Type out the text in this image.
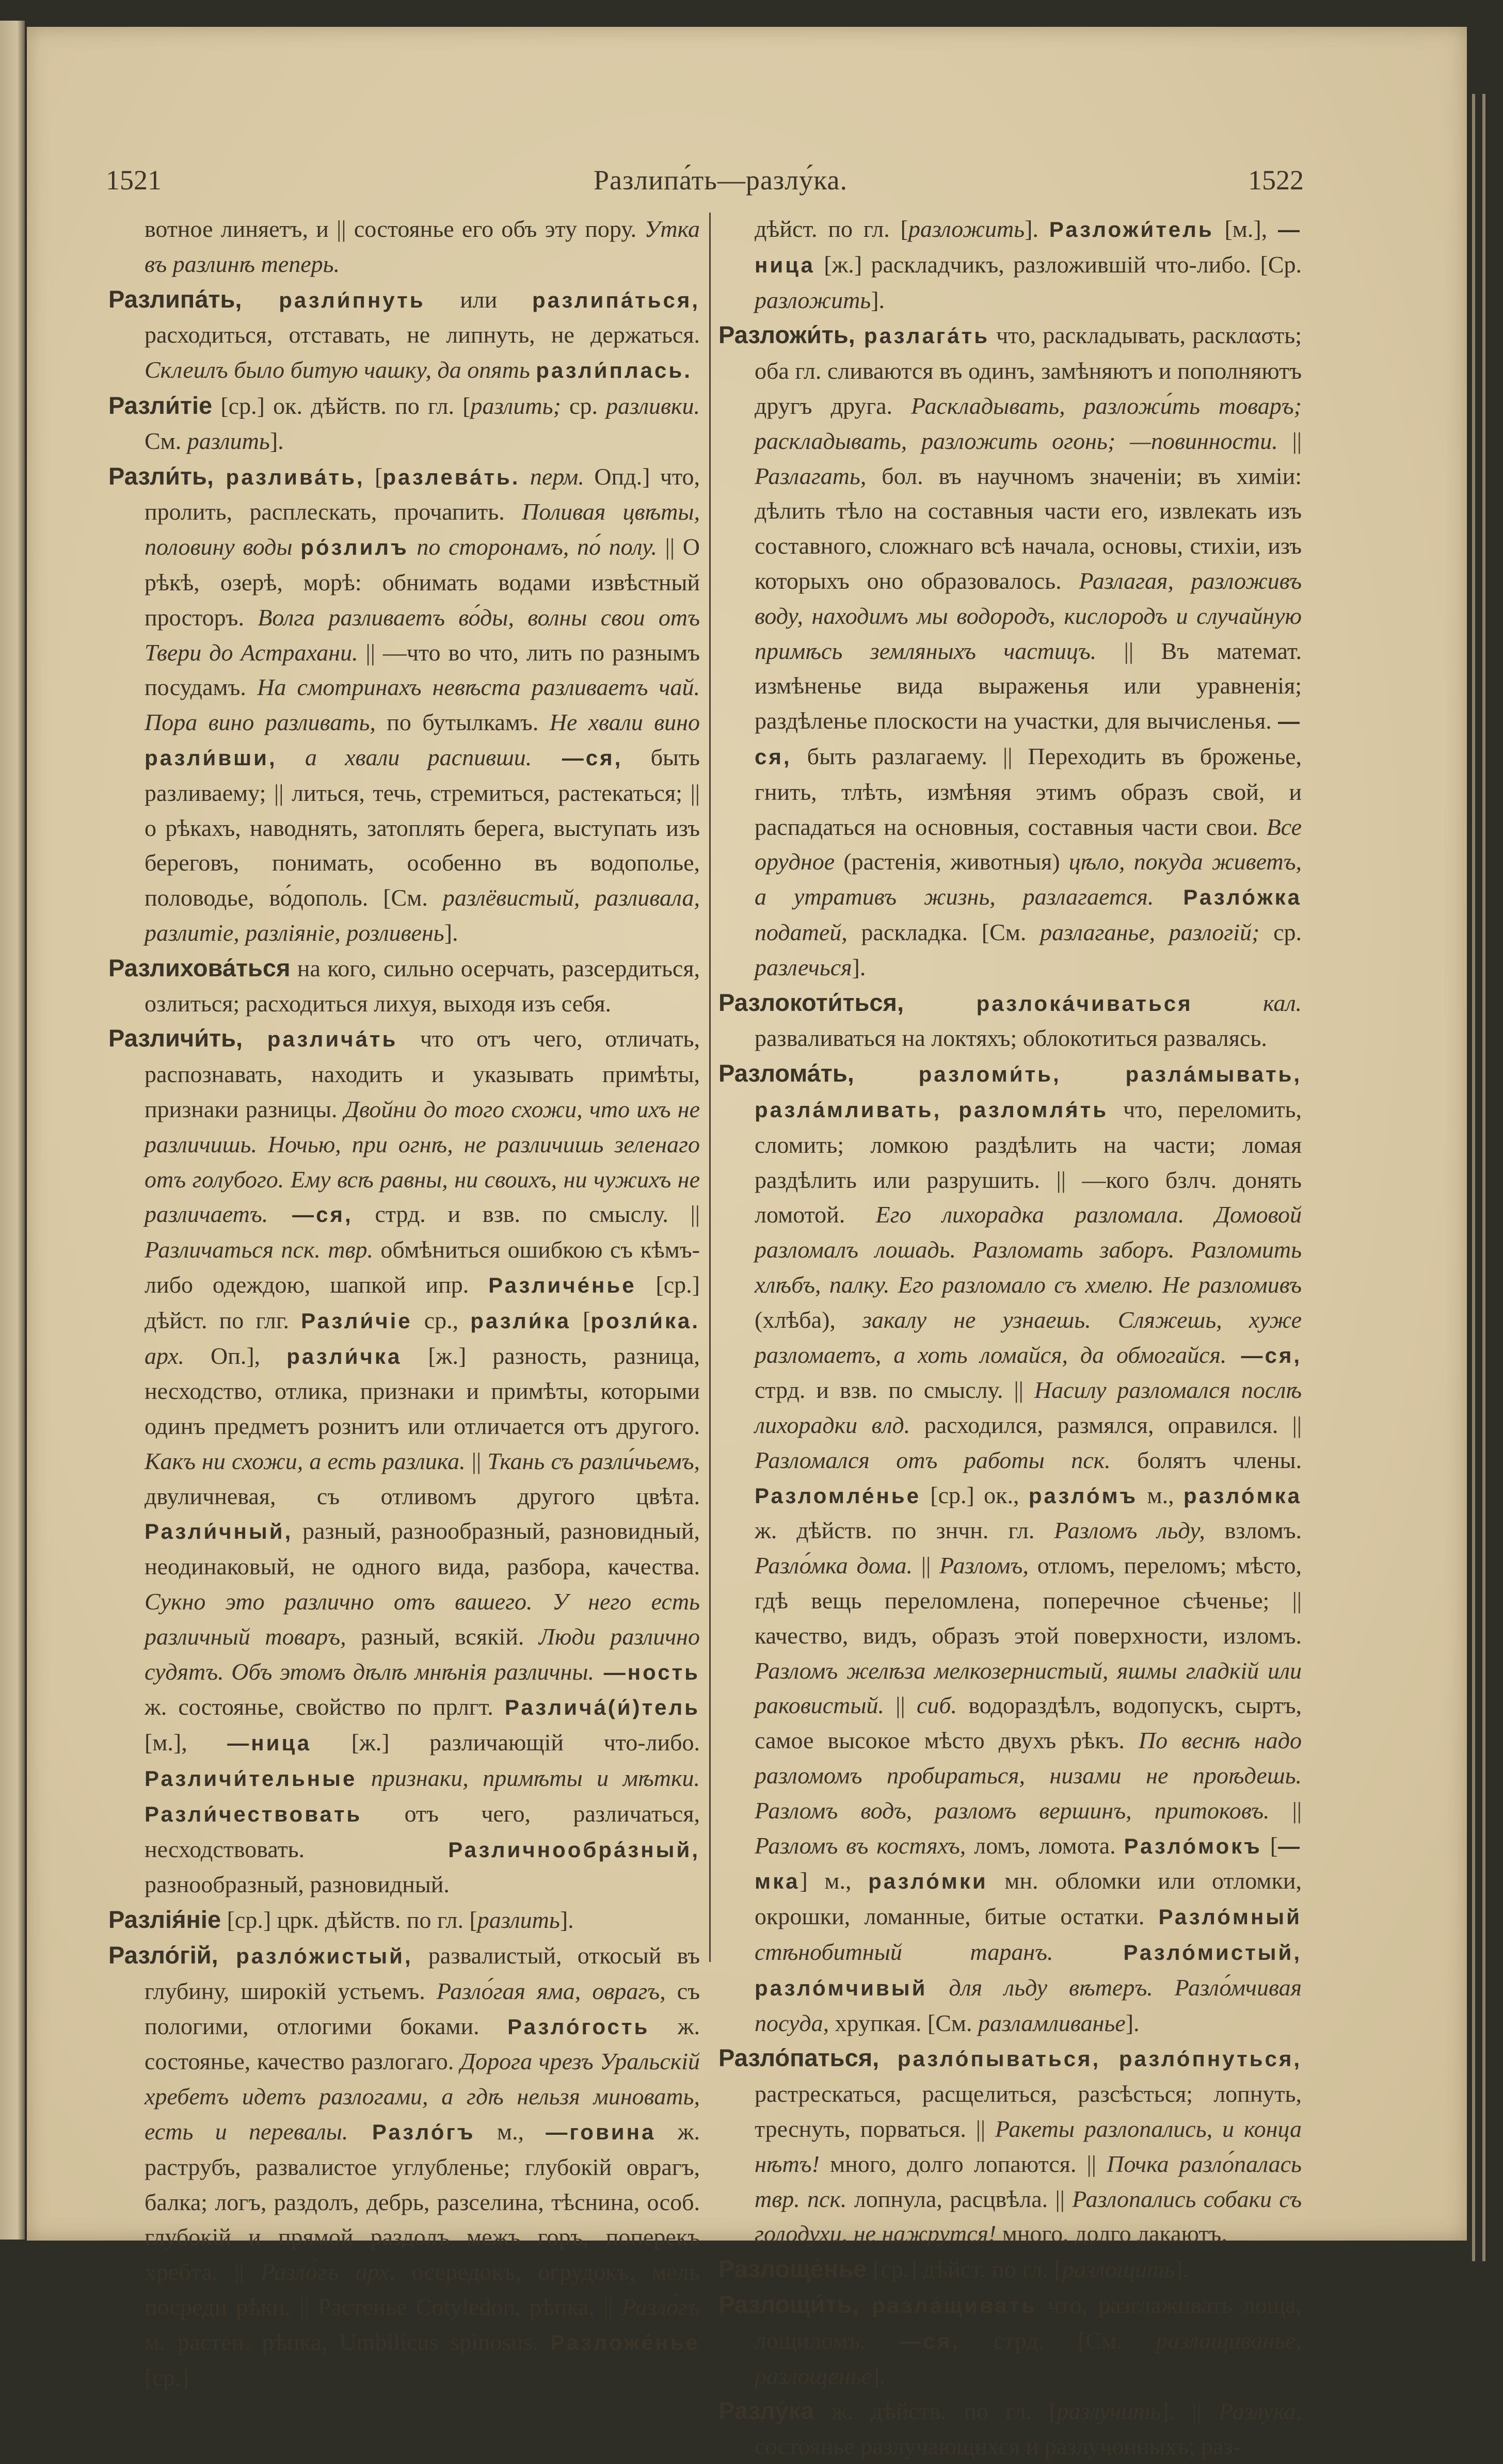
1521	Разлипа́ть—разлу́ка.	1522

вотное линяетъ, и || состоянье его объ эту пору. Утка въ разлинѣ теперь.

Разлипа́ть, разли́пнуть или разлипа́ться, расходиться, отставать, не липнуть, не держаться. Склеилъ было битую чашку, да опять разли́плась.

Разли́тіе [ср.] ок. дѣйств. по гл. [разлить; ср. разливки. См. разлить].

Разли́ть, разлива́ть, [разлева́ть. перм. Опд.] что, пролить, расплескать, прочапить. Поливая цвѣты, половину воды ро́злилъ по сторонамъ, по́ полу. || О рѣкѣ, озерѣ, морѣ: обнимать водами извѣстный просторъ. Волга разливаетъ во́ды, волны свои отъ Твери до Астрахани. || —что во что, лить по разнымъ посудамъ. На смотринахъ невѣста разливаетъ чай. Пора вино разливать, по бутылкамъ. Не хвали вино разли́вши, а хвали распивши. —ся, быть разливаему; || литься, течь, стремиться, растекаться; || о рѣкахъ, наводнять, затоплять берега, выступать изъ береговъ, понимать, особенно въ водополье, половодье, во́дополь. [См. разлёвистый, разливала, разлитіе, разліяніе, розливень].

Разлихова́ться на кого, сильно осерчать, разсердиться, озлиться; расходиться лихуя, выходя изъ себя.

Различи́ть, различа́ть что отъ чего, отличать, распознавать, находить и указывать примѣты, признаки разницы. Двойни до того схожи, что ихъ не различишь. Ночью, при огнѣ, не различишь зеленаго отъ голубого. Ему всѣ равны, ни своихъ, ни чужихъ не различаетъ. —ся, стрд. и взв. по смыслу. || Различаться пск. твр. обмѣниться ошибкою съ кѣмъ-либо одеждою, шапкой ипр. Различе́нье [ср.] дѣйст. по глг. Разли́чіе ср., разли́ка [розли́ка. арх. Оп.], разли́чка [ж.] разность, разница, несходство, отлика, признаки и примѣты, которыми одинъ предметъ рознитъ или отличается отъ другого. Какъ ни схожи, а есть разлика. || Ткань съ разли́чьемъ, двуличневая, съ отливомъ другого цвѣта. Разли́чный, разный, разнообразный, разновидный, неодинаковый, не одного вида, разбора, качества. Сукно это различно отъ вашего. У него есть различный товаръ, разный, всякій. Люди различно судятъ. Объ этомъ дѣлѣ мнѣнія различны. —ность ж. состоянье, свойство по прлгт. Различа́(и́)тель [м.], —ница [ж.] различающій что-либо. Различи́тельные признаки, примѣты и мѣтки. Разли́чествовать отъ чего, различаться, несходствовать. Различнообра́зный, разнообразный, разновидный.

Разлія́ніе [ср.] црк. дѣйств. по гл. [разлить].

Разло́гій, разло́жистый, развалистый, откосый въ глубину, широкій устьемъ. Разло́гая яма, оврагъ, съ пологими, отлогими боками. Разло́гость ж. состоянье, качество разлогаго. Дорога чрезъ Уральскій хребетъ идетъ разлогами, а гдѣ нельзя миновать, есть и перевалы. Разло́гъ м., —говина ж. раструбъ, развалистое углубленье; глубокій оврагъ, балка; логъ, раздолъ, дебрь, разселина, тѣснина, особ. глубокій и прямой раздолъ межъ горъ, поперекъ хребта. || Разло́гъ арх. осередокъ, огрудокъ, мель посреди рѣки. || Растенье Cotyledon, рѣпка. || Разло́гъ м. растен. рѣпка, Umbilicus spinosus. Разложе́нье [ср.]

дѣйст. по гл. [разложить]. Разложи́тель [м.], —ница [ж.] раскладчикъ, разложившій что-либо. [Ср. разложить].

Разложи́ть, разлага́ть что, раскладывать, расклασть; оба гл. сливаются въ одинъ, замѣняютъ и пополняютъ другъ друга. Раскладывать, разложи́ть товаръ; раскладывать, разложить огонь; —повинности. || Разлагать, бол. въ научномъ значеніи; въ химіи: дѣлить тѣло на составныя части его, извлекать изъ составного, сложнаго всѣ начала, основы, стихіи, изъ которыхъ оно образовалось. Разлагая, разложивъ воду, находимъ мы водородъ, кислородъ и случайную примѣсь земляныхъ частицъ. || Въ математ. измѣненье вида выраженья или уравненія; раздѣленье плоскости на участки, для вычисленья. —ся, быть разлагаему. || Переходить въ броженье, гнить, тлѣть, измѣняя этимъ образъ свой, и распадаться на основныя, составныя части свои. Все орудное (растенія, животныя) цѣло, покуда живетъ, а утративъ жизнь, разлагается. Разло́жка податей, раскладка. [См. разлаганье, разлогій; ср. разлечься].

Разлокоти́ться, разлока́чиваться кал. разваливаться на локтяхъ; облокотиться развалясь.

Разлома́ть, разломи́ть, разла́мывать, разла́мливать, разломля́ть что, переломить, сломить; ломкою раздѣлить на части; ломая раздѣлить или разрушить. || —кого бзлч. донять ломотой. Его лихорадка разломала. Домовой разломалъ лошадь. Разломать заборъ. Разломить хлѣбъ, палку. Его разломало съ хмелю. Не разломивъ (хлѣба), закалу не узнаешь. Сляжешь, хуже разломаетъ, а хоть ломайся, да обмогайся. —ся, стрд. и взв. по смыслу. || Насилу разломался послѣ лихорадки влд. расходился, размялся, оправился. || Разломался отъ работы пск. болятъ члены. Разломле́нье [ср.] ок., разло́мъ м., разло́мка ж. дѣйств. по знчн. гл. Разломъ льду, взломъ. Разло́мка дома. || Разломъ, отломъ, переломъ; мѣсто, гдѣ вещь переломлена, поперечное сѣченье; || качество, видъ, образъ этой поверхности, изломъ. Разломъ желѣза мелкозернистый, яшмы гладкій или раковистый. || сиб. водораздѣлъ, водопускъ, сыртъ, самое высокое мѣсто двухъ рѣкъ. По веснѣ надо разломомъ пробираться, низами не проѣдешь. Разломъ водъ, разломъ вершинъ, притоковъ. || Разломъ въ костяхъ, ломъ, ломота. Разло́мокъ [—мка] м., разло́мки мн. обломки или отломки, окрошки, ломанные, битые остатки. Разло́мный стѣнобитный таранъ. Разло́мистый, разло́мчивый для льду вѣтеръ. Разло́мчивая посуда, хрупкая. [См. разламливанье].

Разло́паться, разло́пываться, разло́пнуться, растрескаться, расщелиться, разсѣсться; лопнуть, треснуть, порваться. || Ракеты разлопались, и конца нѣтъ! много, долго лопаются. || Почка разло́палась твр. пск. лопнула, расцвѣла. || Разлопались собаки съ голодухи, не нажрутся! много, долго лакаютъ.

Разлоще́нье [ср.] дѣйст. по гл. [разлощить].

Разлощи́ть, разла́щивать что, разглаживать лоща, лощиломъ. —ся, стрд. [См. разлащиванье, разлощенье].

Разлу́ка ж. дѣйств. по гл. [разлучить]. || Разлука, состоянье разлучающихся и разлучонныхъ; раз-
